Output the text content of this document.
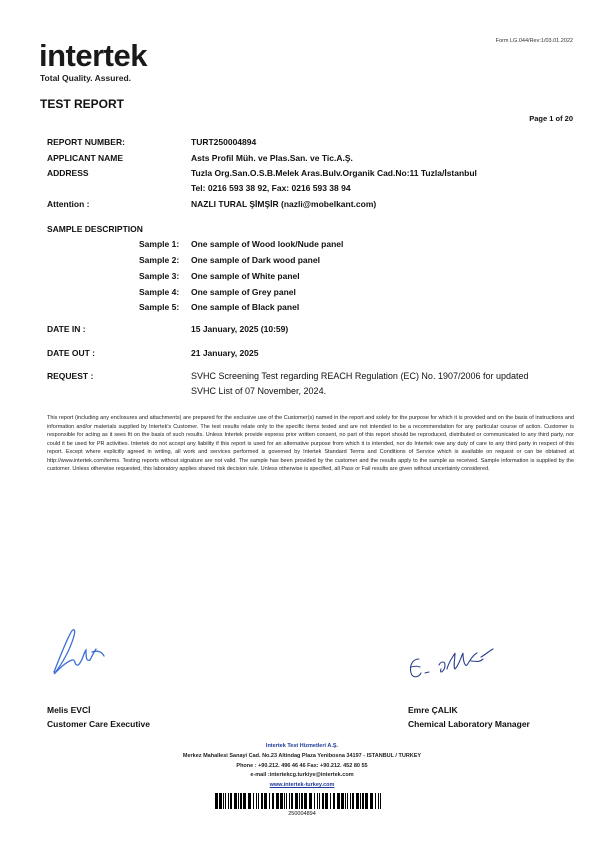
intertek
Total Quality. Assured.
Form LG.044/Rev:1/03.01.2022
TEST REPORT
Page 1 of 20
REPORT NUMBER:	TURT250004894
APPLICANT NAME	Asts Profil Müh. ve Plas.San. ve Tic.A.Ş.
ADDRESS	Tuzla Org.San.O.S.B.Melek Aras.Bulv.Organik Cad.No:11 Tuzla/İstanbul
Tel: 0216 593 38 92, Fax: 0216 593 38 94
Attention :	NAZLI TURAL ŞİMŞİR (nazli@mobelkant.com)
SAMPLE DESCRIPTION
Sample 1: One sample of Wood look/Nude panel
Sample 2: One sample of Dark wood panel
Sample 3: One sample of White panel
Sample 4: One sample of Grey panel
Sample 5: One sample of Black panel
DATE IN :	15 January, 2025 (10:59)
DATE OUT :	21 January, 2025
REQUEST :	SVHC Screening Test regarding REACH Regulation (EC) No. 1907/2006 for updated
SVHC List of 07 November, 2024.
This report (including any enclosures and attachments) are prepared for the exclusive use of the Customer(s) named in the report and solely for the purpose for which it is provided and on the basis of instructions and information and/or materials supplied by Intertek's Customer. The test results relate only to the specific items tested and are not intended to be a recommendation for any particular course of action. Customer is responsible for acting as it sees fit on the basis of such results. Unless Intertek provide express prior written consent, no part of this report should be reproduced, distributed or communicated to any third party, nor could it be used for PR activities. Intertek do not accept any liability if this report is used for an alternative purpose from which it is intended, nor do Intertek owe any duty of care to any third party in respect of this report. Except where explicitly agreed in writing, all work and services performed is governed by Intertek Standard Terms and Conditions of Service which is available on request or can be obtained at http://www.intertek.com/terms. Testing reports without signature are not valid. The sample has been provided by the customer and the results apply to the sample as received. Sample information is supplied by the customer. Unless otherwise requested, this laboratory applies shared risk decision rule. Unless otherwise is specified, all Pass or Fail results are given without uncertainty considered.
Melis EVCİ
Customer Care Executive
Emre ÇALIK
Chemical Laboratory Manager
Intertek Test Hizmetleri A.Ş.
Merkez Mahallesi Sanayi Cad. No.23 Altindag Plaza Yenibosna 34197 - ISTANBUL / TURKEY
Phone : +90.212. 496 46 46 Fax: +90.212. 452 80 55
e-mail :intertekcg.turkiye@intertek.com
www.intertek-turkey.com
250004894
